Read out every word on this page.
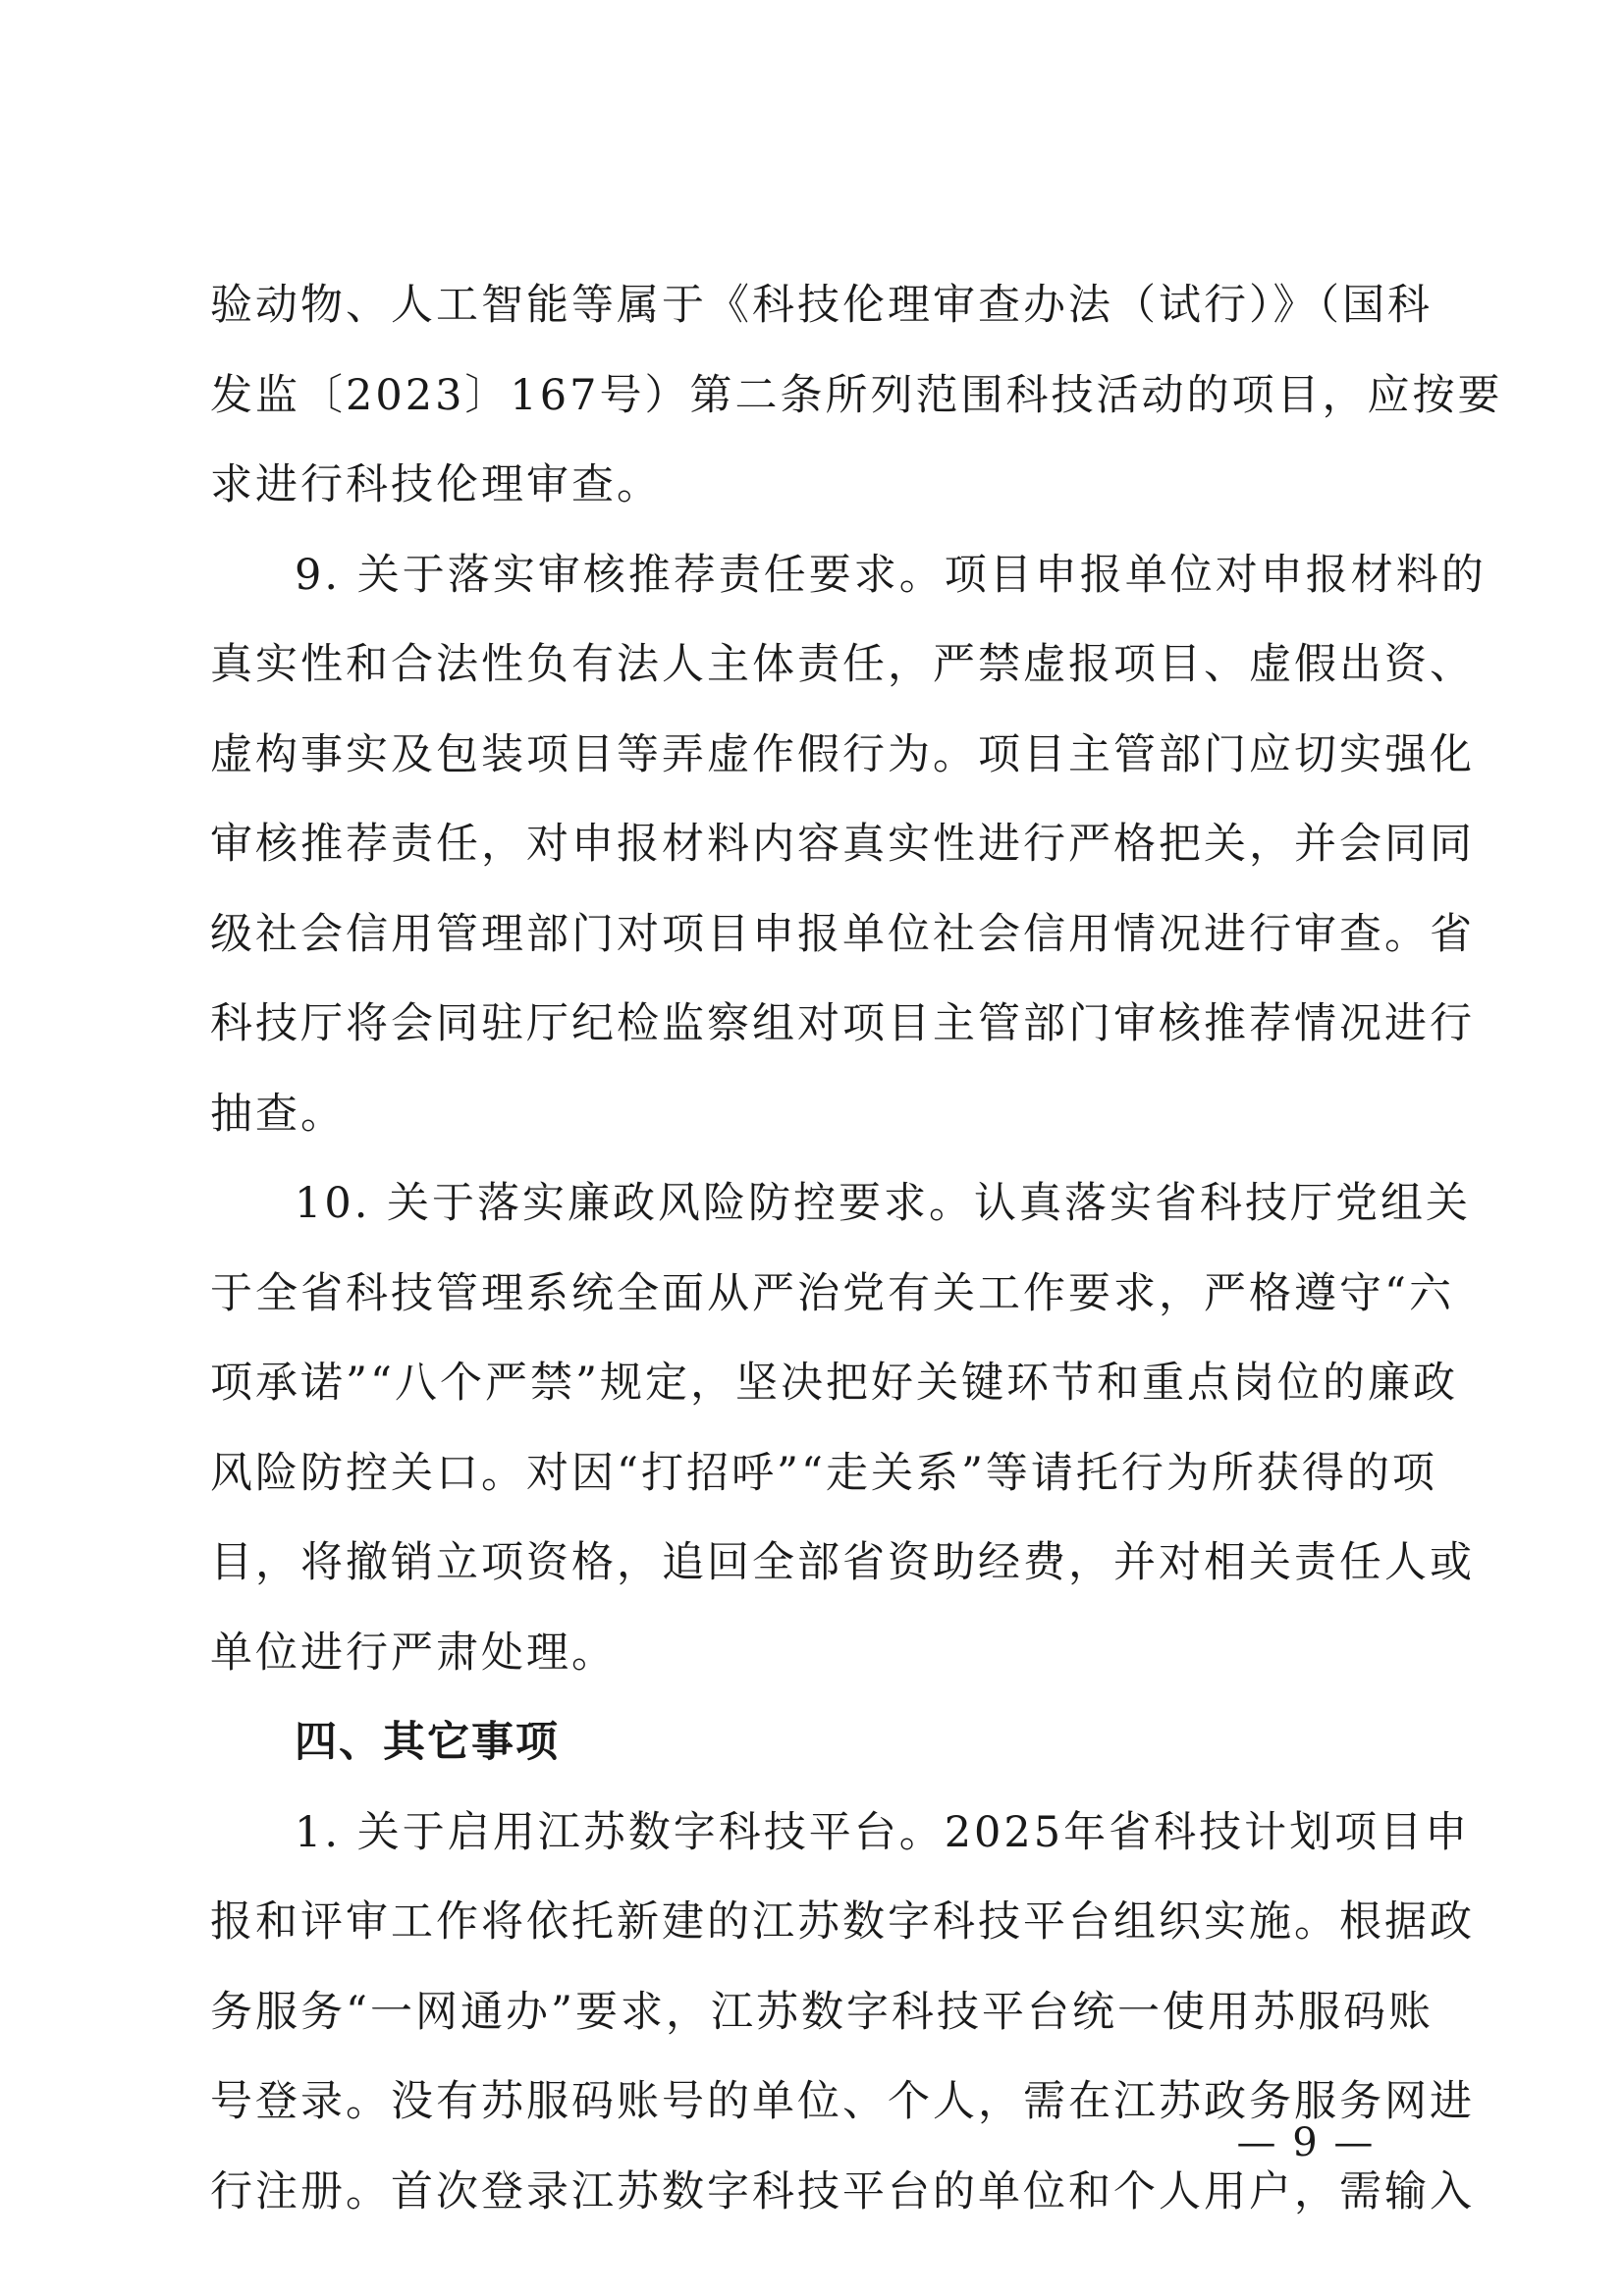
验动物、人工智能等属于《科技伦理审查办法（试行）》（国科
发监〔2023〕167号）第二条所列范围科技活动的项目，应按要
求进行科技伦理审查。
9. 关于落实审核推荐责任要求。项目申报单位对申报材料的
真实性和合法性负有法人主体责任，严禁虚报项目、虚假出资、
虚构事实及包装项目等弄虚作假行为。项目主管部门应切实强化
审核推荐责任，对申报材料内容真实性进行严格把关，并会同同
级社会信用管理部门对项目申报单位社会信用情况进行审查。省
科技厅将会同驻厅纪检监察组对项目主管部门审核推荐情况进行
抽查。
10. 关于落实廉政风险防控要求。认真落实省科技厅党组关
于全省科技管理系统全面从严治党有关工作要求，严格遵守“六
项承诺”“八个严禁”规定，坚决把好关键环节和重点岗位的廉政
风险防控关口。对因“打招呼”“走关系”等请托行为所获得的项
目，将撤销立项资格，追回全部省资助经费，并对相关责任人或
单位进行严肃处理。
四、其它事项
1. 关于启用江苏数字科技平台。2025年省科技计划项目申
报和评审工作将依托新建的江苏数字科技平台组织实施。根据政
务服务“一网通办”要求，江苏数字科技平台统一使用苏服码账
号登录。没有苏服码账号的单位、个人，需在江苏政务服务网进
行注册。首次登录江苏数字科技平台的单位和个人用户，需输入
— 9 —
